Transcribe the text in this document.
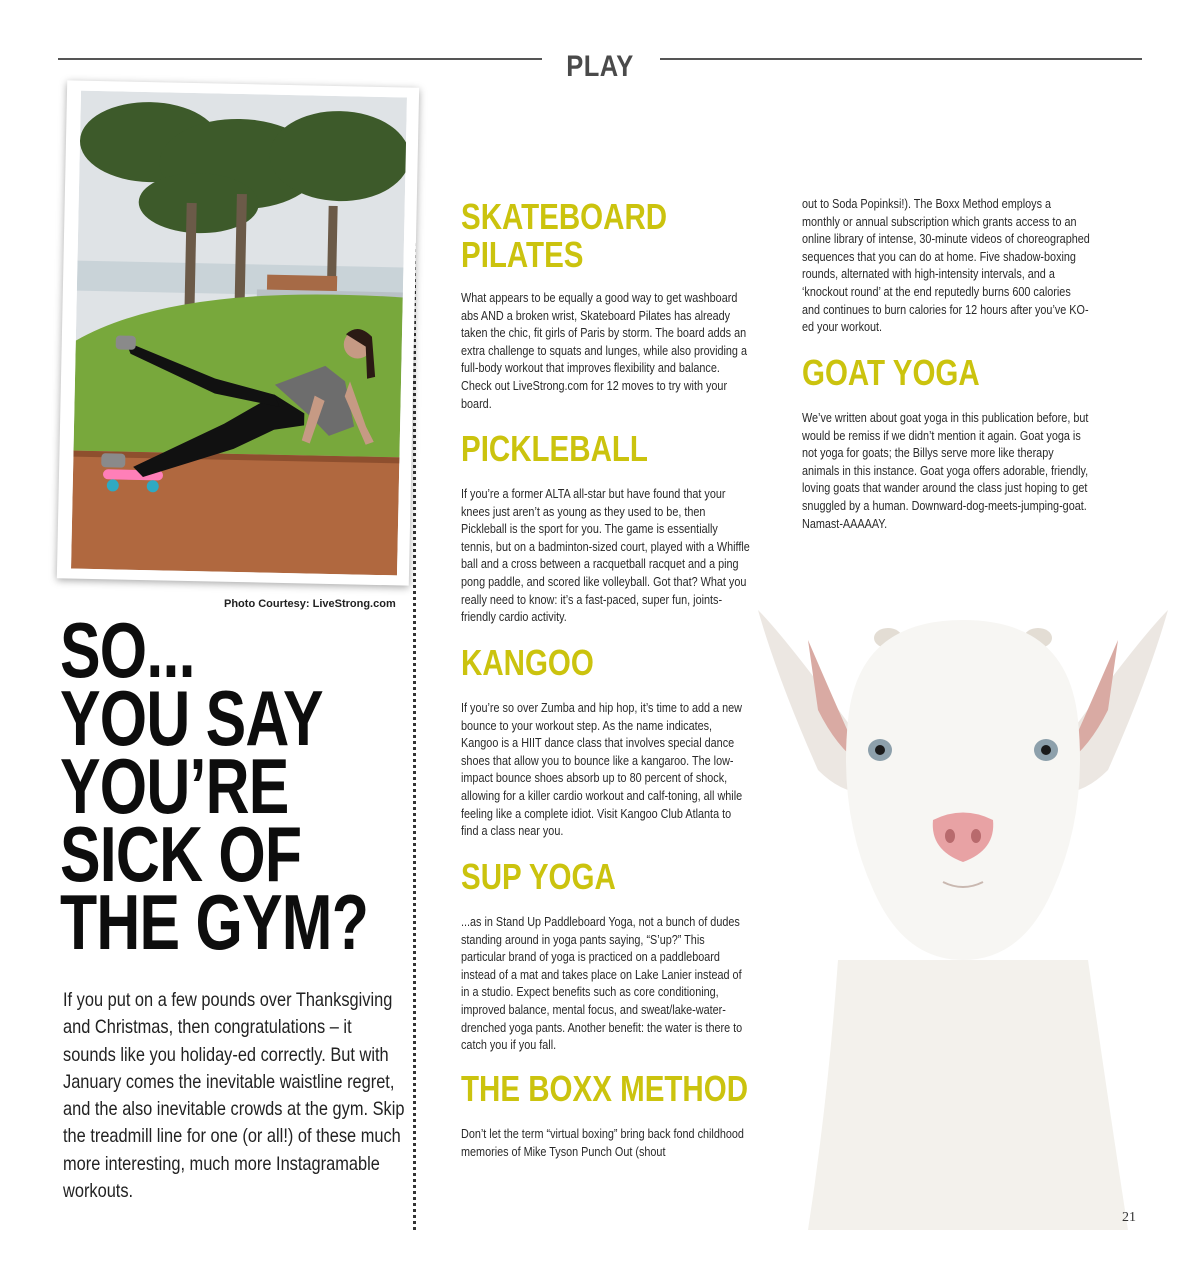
PLAY
Photo Courtesy: LiveStrong.com
SO...
YOU SAY
YOU’RE
SICK OF
THE GYM?
If you put on a few pounds over Thanksgiving and Christmas, then congratulations – it sounds like you holiday-ed correctly. But with January comes the inevitable waistline regret, and the also inevitable crowds at the gym. Skip the treadmill line for one (or all!) of these much more interesting, much more Instagramable workouts.
SKATEBOARD
PILATES

What appears to be equally a good way to get washboard abs AND a broken wrist, Skateboard Pilates has already taken the chic, fit girls of Paris by storm. The board adds an extra challenge to squats and lunges, while also providing a full-body workout that improves flexibility and balance. Check out LiveStrong.com for 12 moves to try with your board.

PICKLEBALL

If you’re a former ALTA all-star but have found that your knees just aren’t as young as they used to be, then Pickleball is the sport for you. The game is essentially tennis, but on a badminton-sized court, played with a Whiffle ball and a cross between a racquetball racquet and a ping pong paddle, and scored like volleyball. Got that? What you really need to know: it’s a fast-paced, super fun, joints-friendly cardio activity.

KANGOO

If you’re so over Zumba and hip hop, it’s time to add a new bounce to your workout step. As the name indicates, Kangoo is a HIIT dance class that involves special dance shoes that allow you to bounce like a kangaroo. The low-impact bounce shoes absorb up to 80 percent of shock, allowing for a killer cardio workout and calf-toning, all while feeling like a complete idiot. Visit Kangoo Club Atlanta to find a class near you.

SUP YOGA

...as in Stand Up Paddleboard Yoga, not a bunch of dudes standing around in yoga pants saying, “S’up?” This particular brand of yoga is practiced on a paddleboard instead of a mat and takes place on Lake Lanier instead of in a studio. Expect benefits such as core conditioning, improved balance, mental focus, and sweat/lake-water-drenched yoga pants. Another benefit: the water is there to catch you if you fall.

THE BOXX METHOD

Don’t let the term “virtual boxing” bring back fond childhood memories of Mike Tyson Punch Out (shout

out to Soda Popinksi!). The Boxx Method employs a monthly or annual subscription which grants access to an online library of intense, 30-minute videos of choreographed sequences that you can do at home. Five shadow-boxing rounds, alternated with high-intensity intervals, and a ‘knockout round’ at the end reputedly burns 600 calories and continues to burn calories for 12 hours after you’ve KO-ed your workout.

GOAT YOGA

We’ve written about goat yoga in this publication before, but would be remiss if we didn’t mention it again. Goat yoga is not yoga for goats; the Billys serve more like therapy animals in this instance. Goat yoga offers adorable, friendly, loving goats that wander around the class just hoping to get snuggled by a human. Downward-dog-meets-jumping-goat. Namast-AAAAAY.

21
